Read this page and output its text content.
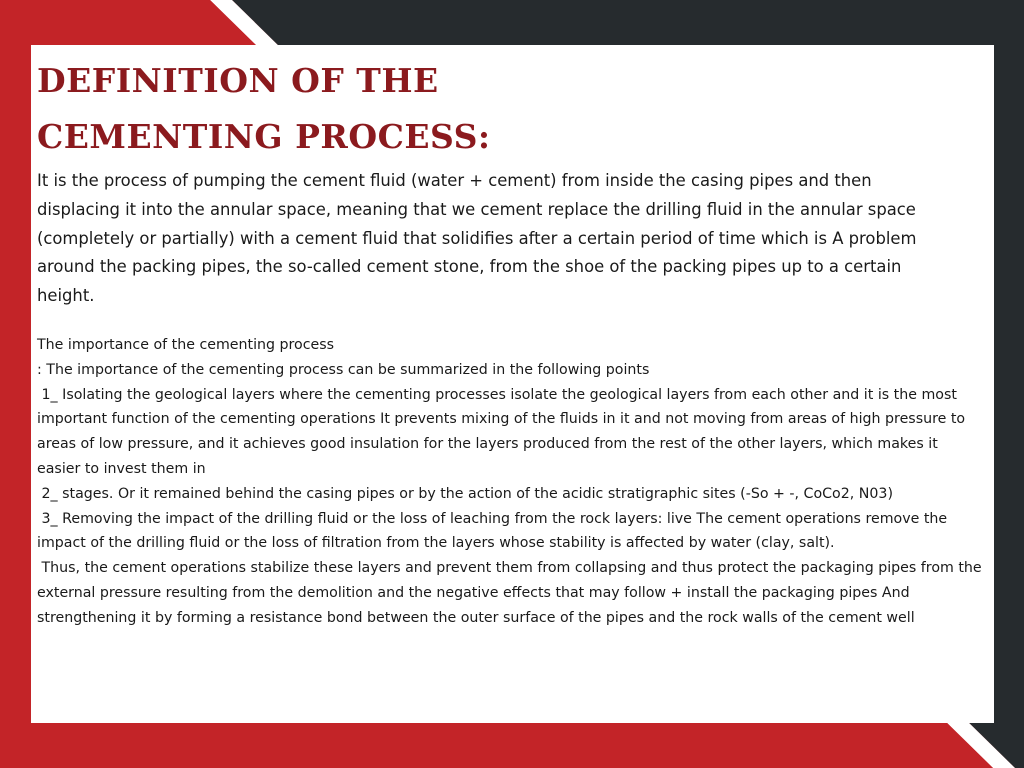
DEFINITION OF THE CEMENTING PROCESS:

It is the process of pumping the cement fluid (water + cement) from inside the casing pipes and then displacing it into the annular space, meaning that we cement replace the drilling fluid in the annular space (completely or partially) with a cement fluid that solidifies after a certain period of time which is A problem around the packing pipes, the so-called cement stone, from the shoe of the packing pipes up to a certain height.

The importance of the cementing process

: The importance of the cementing process can be summarized in the following points

1_ Isolating the geological layers where the cementing processes isolate the geological layers from each other and it is the most important function of the cementing operations It prevents mixing of the fluids in it and not moving from areas of high pressure to areas of low pressure, and it achieves good insulation for the layers produced from the rest of the other layers, which makes it easier to invest them in

2_ stages. Or it remained behind the casing pipes or by the action of the acidic stratigraphic sites (-So + -, CoCo2, N03)

3_ Removing the impact of the drilling fluid or the loss of leaching from the rock layers: live The cement operations remove the impact of the drilling fluid or the loss of filtration from the layers whose stability is affected by water (clay, salt).

Thus, the cement operations stabilize these layers and prevent them from collapsing and thus protect the packaging pipes from the external pressure resulting from the demolition and the negative effects that may follow + install the packaging pipes And strengthening it by forming a resistance bond between the outer surface of the pipes and the rock walls of the cement well
